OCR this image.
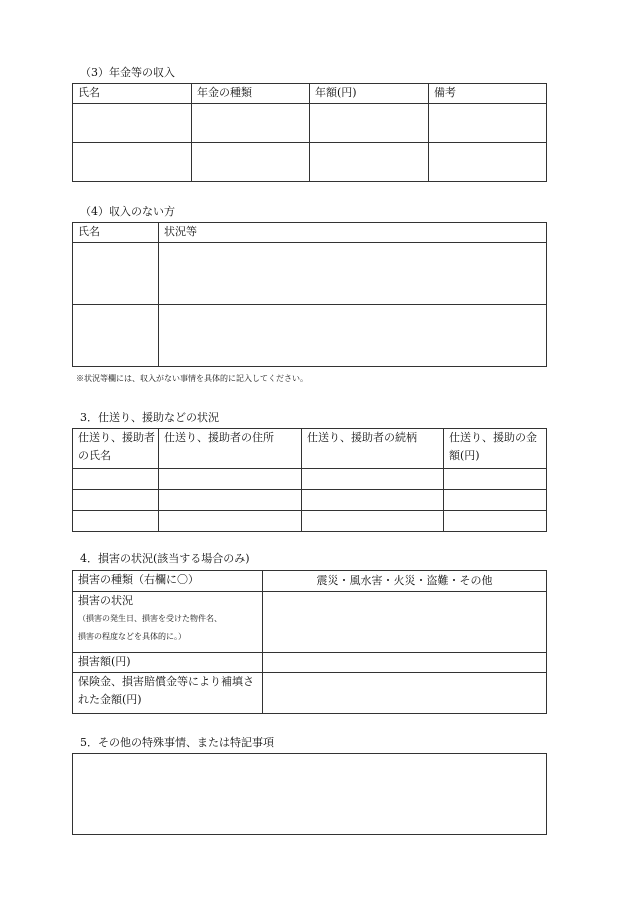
（3）年金等の収入
氏名	年金の種類	年額(円)	備考

（4）収入のない方
氏名	状況等

※状況等欄には、収入がない事情を具体的に記入してください。
3．仕送り、援助などの状況
仕送り、援助者の氏名	仕送り、援助者の住所	仕送り、援助者の続柄	仕送り、援助の金額(円)

4．損害の状況(該当する場合のみ)
損害の種類（右欄に〇）	震災・風水害・火災・盗難・その他
損害の状況
（損害の発生日、損害を受けた物件名、
損害の程度などを具体的に。）	

損害額(円)	
保険金、損害賠償金等により補填された金額(円)	
5．その他の特殊事情、または特記事項
